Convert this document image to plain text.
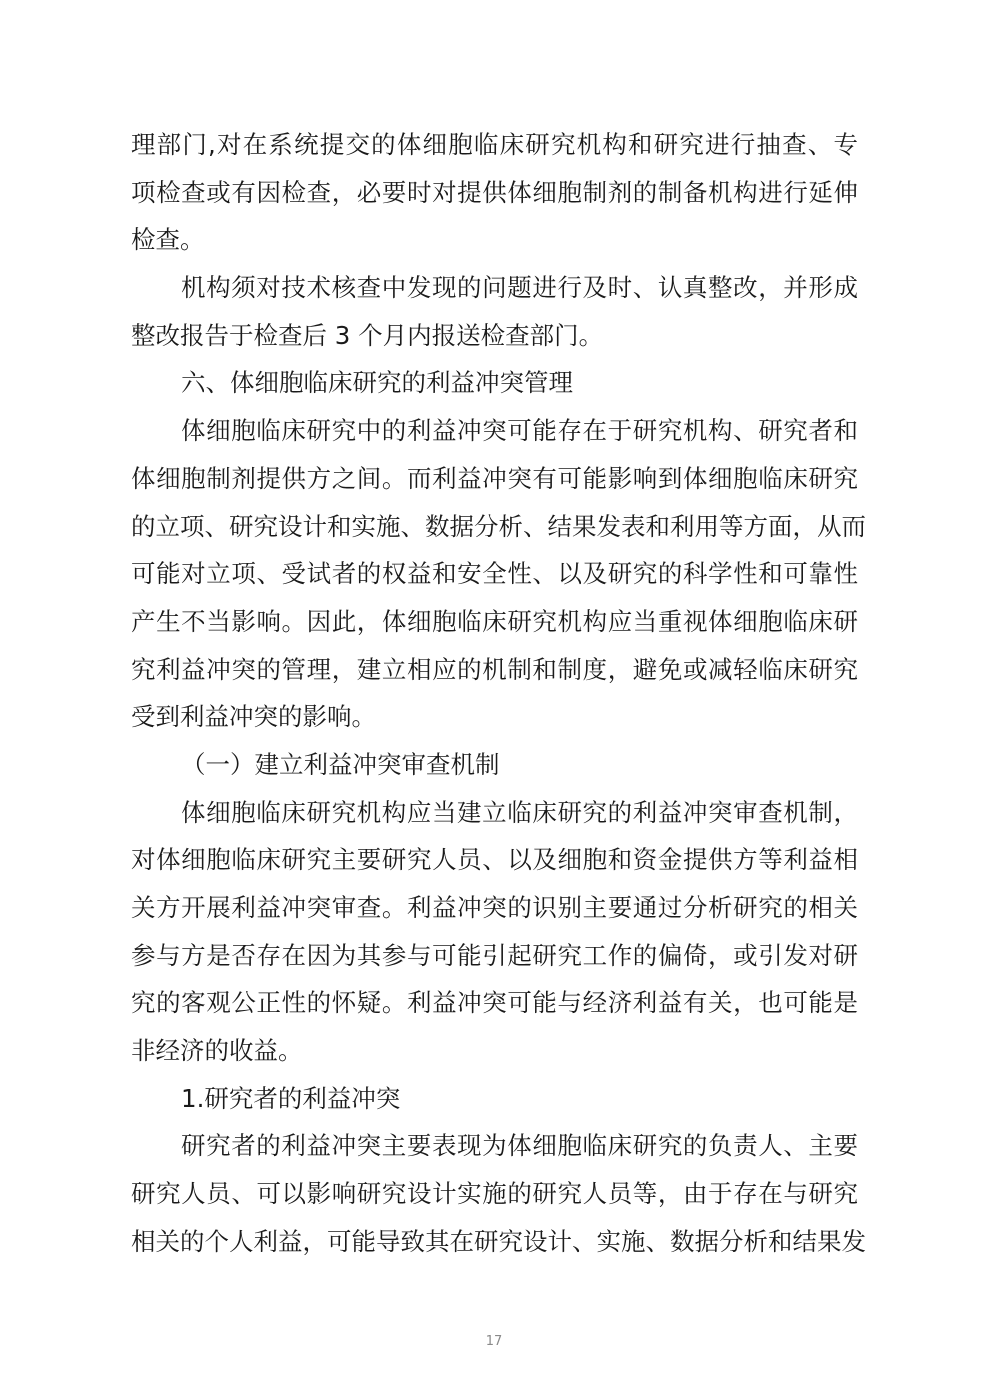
理部门,对在系统提交的体细胞临床研究机构和研究进行抽查、专
项检查或有因检查，必要时对提供体细胞制剂的制备机构进行延伸
检查。
机构须对技术核查中发现的问题进行及时、认真整改，并形成
整改报告于检查后 3 个月内报送检查部门。
六、体细胞临床研究的利益冲突管理
体细胞临床研究中的利益冲突可能存在于研究机构、研究者和
体细胞制剂提供方之间。而利益冲突有可能影响到体细胞临床研究
的立项、研究设计和实施、数据分析、结果发表和利用等方面，从而
可能对立项、受试者的权益和安全性、以及研究的科学性和可靠性
产生不当影响。因此，体细胞临床研究机构应当重视体细胞临床研
究利益冲突的管理，建立相应的机制和制度，避免或减轻临床研究
受到利益冲突的影响。
（一）建立利益冲突审查机制
体细胞临床研究机构应当建立临床研究的利益冲突审查机制，
对体细胞临床研究主要研究人员、以及细胞和资金提供方等利益相
关方开展利益冲突审查。利益冲突的识别主要通过分析研究的相关
参与方是否存在因为其参与可能引起研究工作的偏倚，或引发对研
究的客观公正性的怀疑。利益冲突可能与经济利益有关，也可能是
非经济的收益。
1.研究者的利益冲突
研究者的利益冲突主要表现为体细胞临床研究的负责人、主要
研究人员、可以影响研究设计实施的研究人员等，由于存在与研究
相关的个人利益，可能导致其在研究设计、实施、数据分析和结果发
17
